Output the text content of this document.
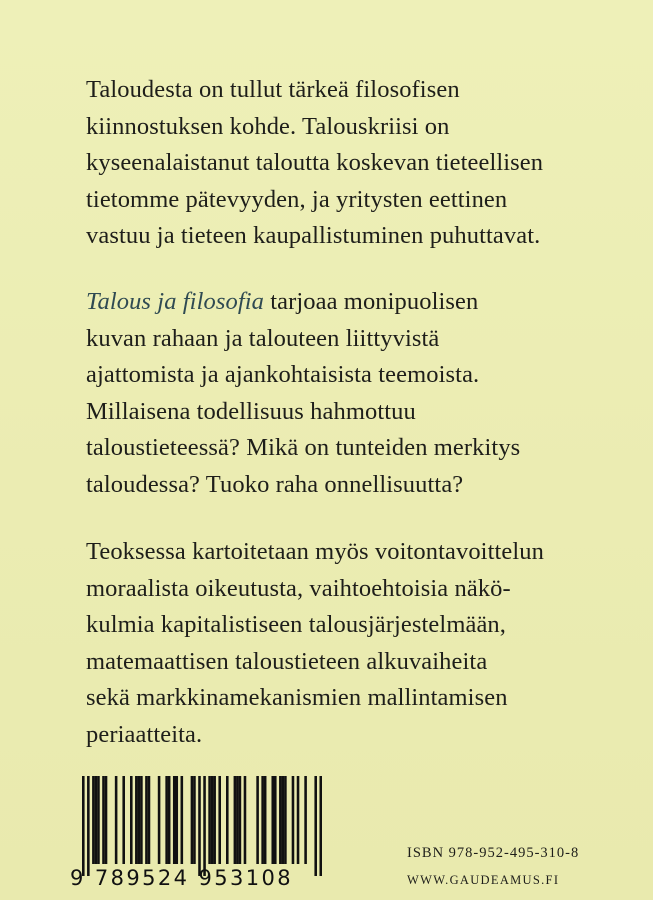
Taloudesta on tullut tärkeä filosofisen
kiinnostuksen kohde. Talouskriisi on
kyseenalaistanut taloutta koskevan tieteellisen
tietomme pätevyyden, ja yritysten eettinen
vastuu ja tieteen kaupallistuminen puhuttavat.
Talous ja filosofia tarjoaa monipuolisen
kuvan rahaan ja talouteen liittyvistä
ajattomista ja ajankohtaisista teemoista.
Millaisena todellisuus hahmottuu
taloustieteessä? Mikä on tunteiden merkitys
taloudessa? Tuoko raha onnellisuutta?
Teoksessa kartoitetaan myös voitontavoittelun
moraalista oikeutusta, vaihtoehtoisia näkö-
kulmia kapitalistiseen talousjärjestelmään,
matemaattisen taloustieteen alkuvaiheita
sekä markkinamekanismien mallintamisen
periaatteita.
9 789524 953108
ISBN 978-952-495-310-8
WWW.GAUDEAMUS.FI
